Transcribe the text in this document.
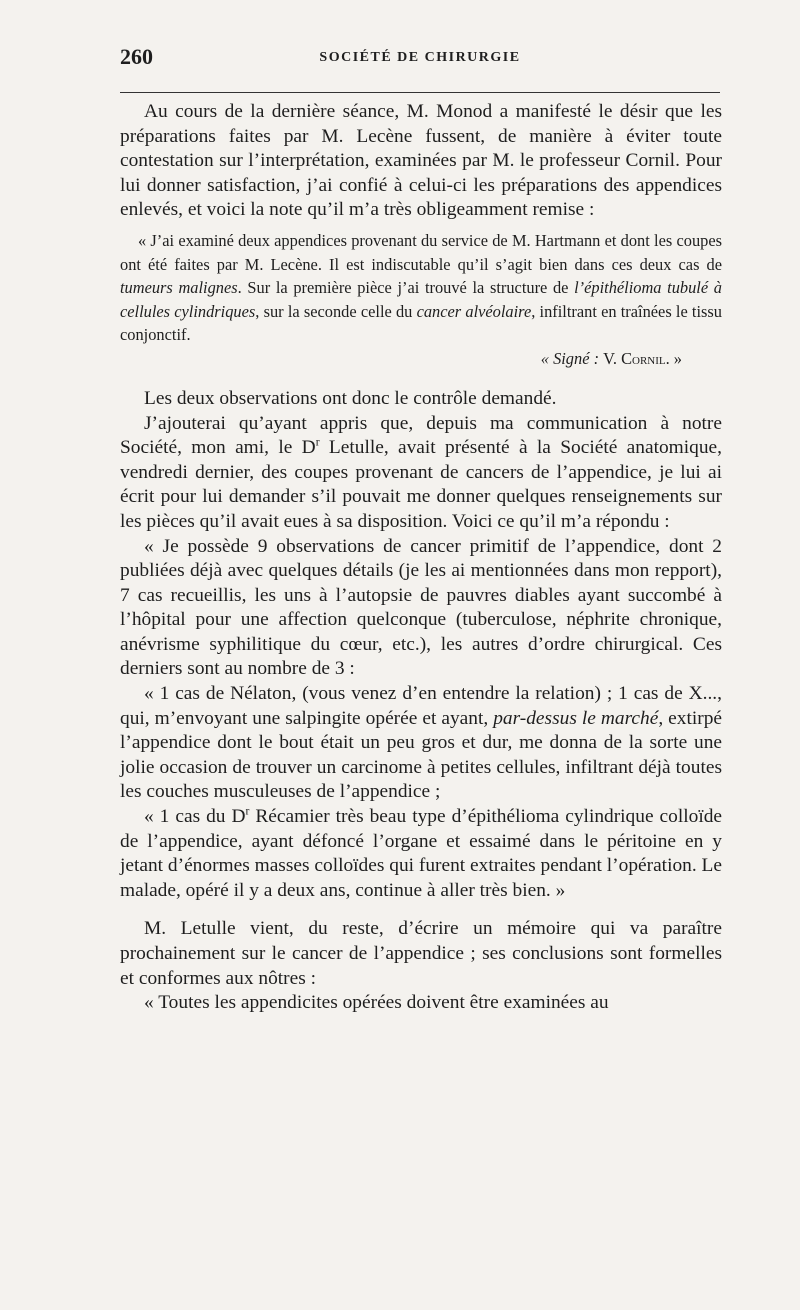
260	SOCIÉTÉ DE CHIRURGIE

Au cours de la dernière séance, M. Monod a manifesté le désir que les préparations faites par M. Lecène fussent, de manière à éviter toute contestation sur l’interprétation, examinées par M. le professeur Cornil. Pour lui donner satisfaction, j’ai confié à celui-ci les préparations des appendices enlevés, et voici la note qu’il m’a très obligeamment remise :

« J’ai examiné deux appendices provenant du service de M. Hartmann et dont les coupes ont été faites par M. Lecène. Il est indiscutable qu’il s’agit bien dans ces deux cas de tumeurs malignes. Sur la première pièce j’ai trouvé la structure de l’épithélioma tubulé à cellules cylindriques, sur la seconde celle du cancer alvéolaire, infiltrant en traînées le tissu conjonctif.

« Signé : V. Cornil. »

Les deux observations ont donc le contrôle demandé.

J’ajouterai qu’ayant appris que, depuis ma communication à notre Société, mon ami, le $D^r$ Letulle, avait présenté à la Société anatomique, vendredi dernier, des coupes provenant de cancers de l’appendice, je lui ai écrit pour lui demander s’il pouvait me donner quelques renseignements sur les pièces qu’il avait eues à sa disposition. Voici ce qu’il m’a répondu :

« Je possède 9 observations de cancer primitif de l’appendice, dont 2 publiées déjà avec quelques détails (je les ai mentionnées dans mon repport), 7 cas recueillis, les uns à l’autopsie de pauvres diables ayant succombé à l’hôpital pour une affection quelconque (tuberculose, néphrite chronique, anévrisme syphilitique du cœur, etc.), les autres d’ordre chirurgical. Ces derniers sont au nombre de 3 :

« 1 cas de Nélaton, (vous venez d’en entendre la relation) ; 1 cas de X..., qui, m’envoyant une salpingite opérée et ayant, par-dessus le marché, extirpé l’appendice dont le bout était un peu gros et dur, me donna de la sorte une jolie occasion de trouver un carcinome à petites cellules, infiltrant déjà toutes les couches musculeuses de l’appendice ;

« 1 cas du $D^r$ Récamier très beau type d’épithélioma cylindrique colloïde de l’appendice, ayant défoncé l’organe et essaimé dans le péritoine en y jetant d’énormes masses colloïdes qui furent extraites pendant l’opération. Le malade, opéré il y a deux ans, continue à aller très bien. »

M. Letulle vient, du reste, d’écrire un mémoire qui va paraître prochainement sur le cancer de l’appendice ; ses conclusions sont formelles et conformes aux nôtres :

« Toutes les appendicites opérées doivent être examinées au
